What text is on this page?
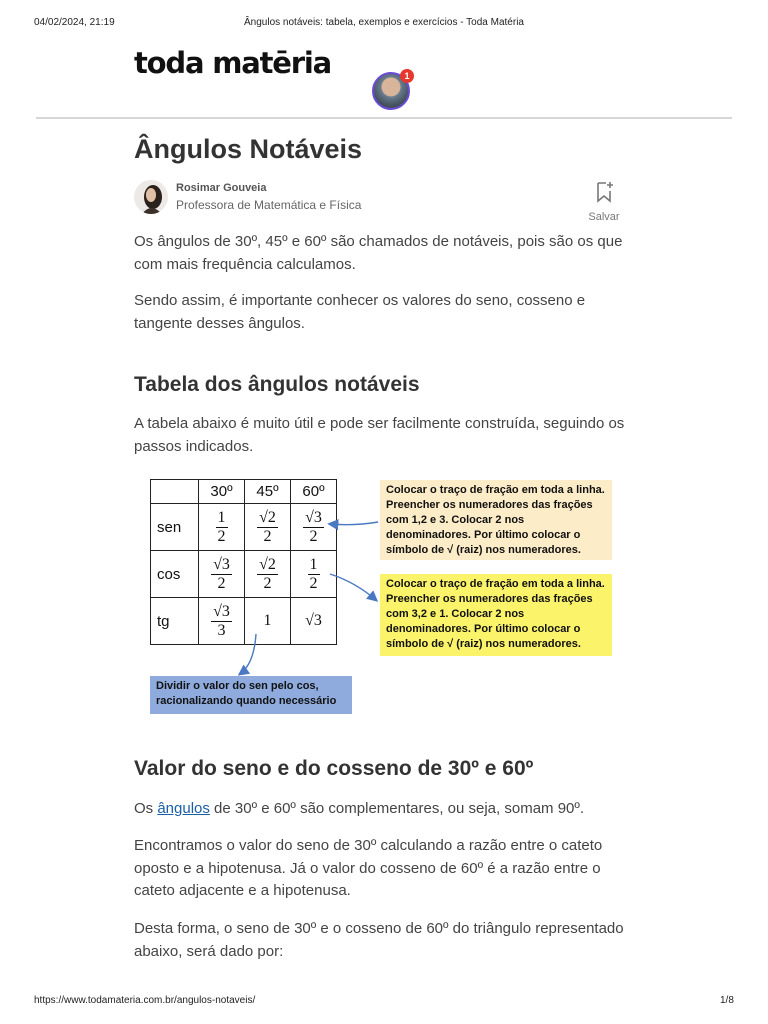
04/02/2024, 21:19	Ângulos notáveis: tabela, exemplos e exercícios - Toda Matéria
toda matēria	1
Ângulos Notáveis
Rosimar Gouveia
Professora de Matemática e Física
Salvar

Os ângulos de 30º, 45º e 60º são chamados de notáveis, pois são os que com mais frequência calculamos.

Sendo assim, é importante conhecer os valores do seno, cosseno e tangente desses ângulos.

Tabela dos ângulos notáveis

A tabela abaixo é muito útil e pode ser facilmente construída, seguindo os passos indicados.

	30º	45º	60º
sen	$\frac{1}{2}$	$\frac{√2}{2}$	$\frac{√3}{2}$

cos	$\frac{√3}{2}$	$\frac{√2}{2}$	$\frac{1}{2}$

tg	$\frac{√3}{3}$	1	√3
Colocar o traço de fração em toda a linha. Preencher os numeradores das frações com 1,2 e 3. Colocar 2 nos denominadores. Por último colocar o símbolo de √ (raiz) nos numeradores.
Colocar o traço de fração em toda a linha. Preencher os numeradores das frações com 3,2 e 1. Colocar 2 nos denominadores. Por último colocar o símbolo de √ (raiz) nos numeradores.
Dividir o valor do sen pelo cos, racionalizando quando necessário
Valor do seno e do cosseno de 30º e 60º

Os ângulos de 30º e 60º são complementares, ou seja, somam 90º.

Encontramos o valor do seno de 30º calculando a razão entre o cateto oposto e a hipotenusa. Já o valor do cosseno de 60º é a razão entre o cateto adjacente e a hipotenusa.

Desta forma, o seno de 30º e o cosseno de 60º do triângulo representado abaixo, será dado por:

https://www.todamateria.com.br/angulos-notaveis/	1/8
